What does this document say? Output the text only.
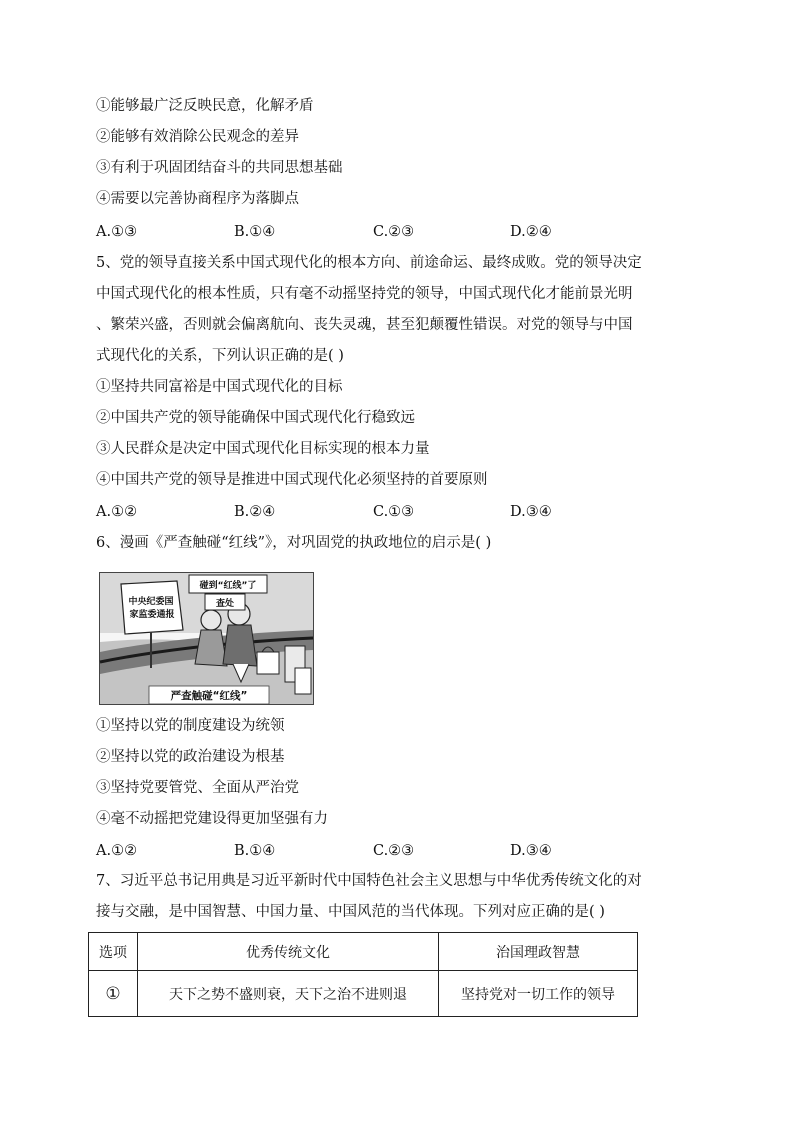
①能够最广泛反映民意，化解矛盾
②能够有效消除公民观念的差异
③有利于巩固团结奋斗的共同思想基础
④需要以完善协商程序为落脚点
A.①③	B.①④	C.②③	D.②④
5、党的领导直接关系中国式现代化的根本方向、前途命运、最终成败。党的领导决定
中国式现代化的根本性质，只有毫不动摇坚持党的领导，中国式现代化才能前景光明
、繁荣兴盛，否则就会偏离航向、丧失灵魂，甚至犯颠覆性错误。对党的领导与中国
式现代化的关系，下列认识正确的是( )
①坚持共同富裕是中国式现代化的目标
②中国共产党的领导能确保中国式现代化行稳致远
③人民群众是决定中国式现代化目标实现的根本力量
④中国共产党的领导是推进中国式现代化必须坚持的首要原则
A.①②	B.②④	C.①③	D.③④
6、漫画《严查触碰“红线”》，对巩固党的执政地位的启示是( )
碰到“红线”了
查处
中央纪委国
家监委通报
严查触碰“红线”
①坚持以党的制度建设为统领
②坚持以党的政治建设为根基
③坚持党要管党、全面从严治党
④毫不动摇把党建设得更加坚强有力
A.①②	B.①④	C.②③	D.③④
7、习近平总书记用典是习近平新时代中国特色社会主义思想与中华优秀传统文化的对
接与交融，是中国智慧、中国力量、中国风范的当代体现。下列对应正确的是( )
选项	优秀传统文化	治国理政智慧
①	天下之势不盛则衰，天下之治不进则退	坚持党对一切工作的领导
